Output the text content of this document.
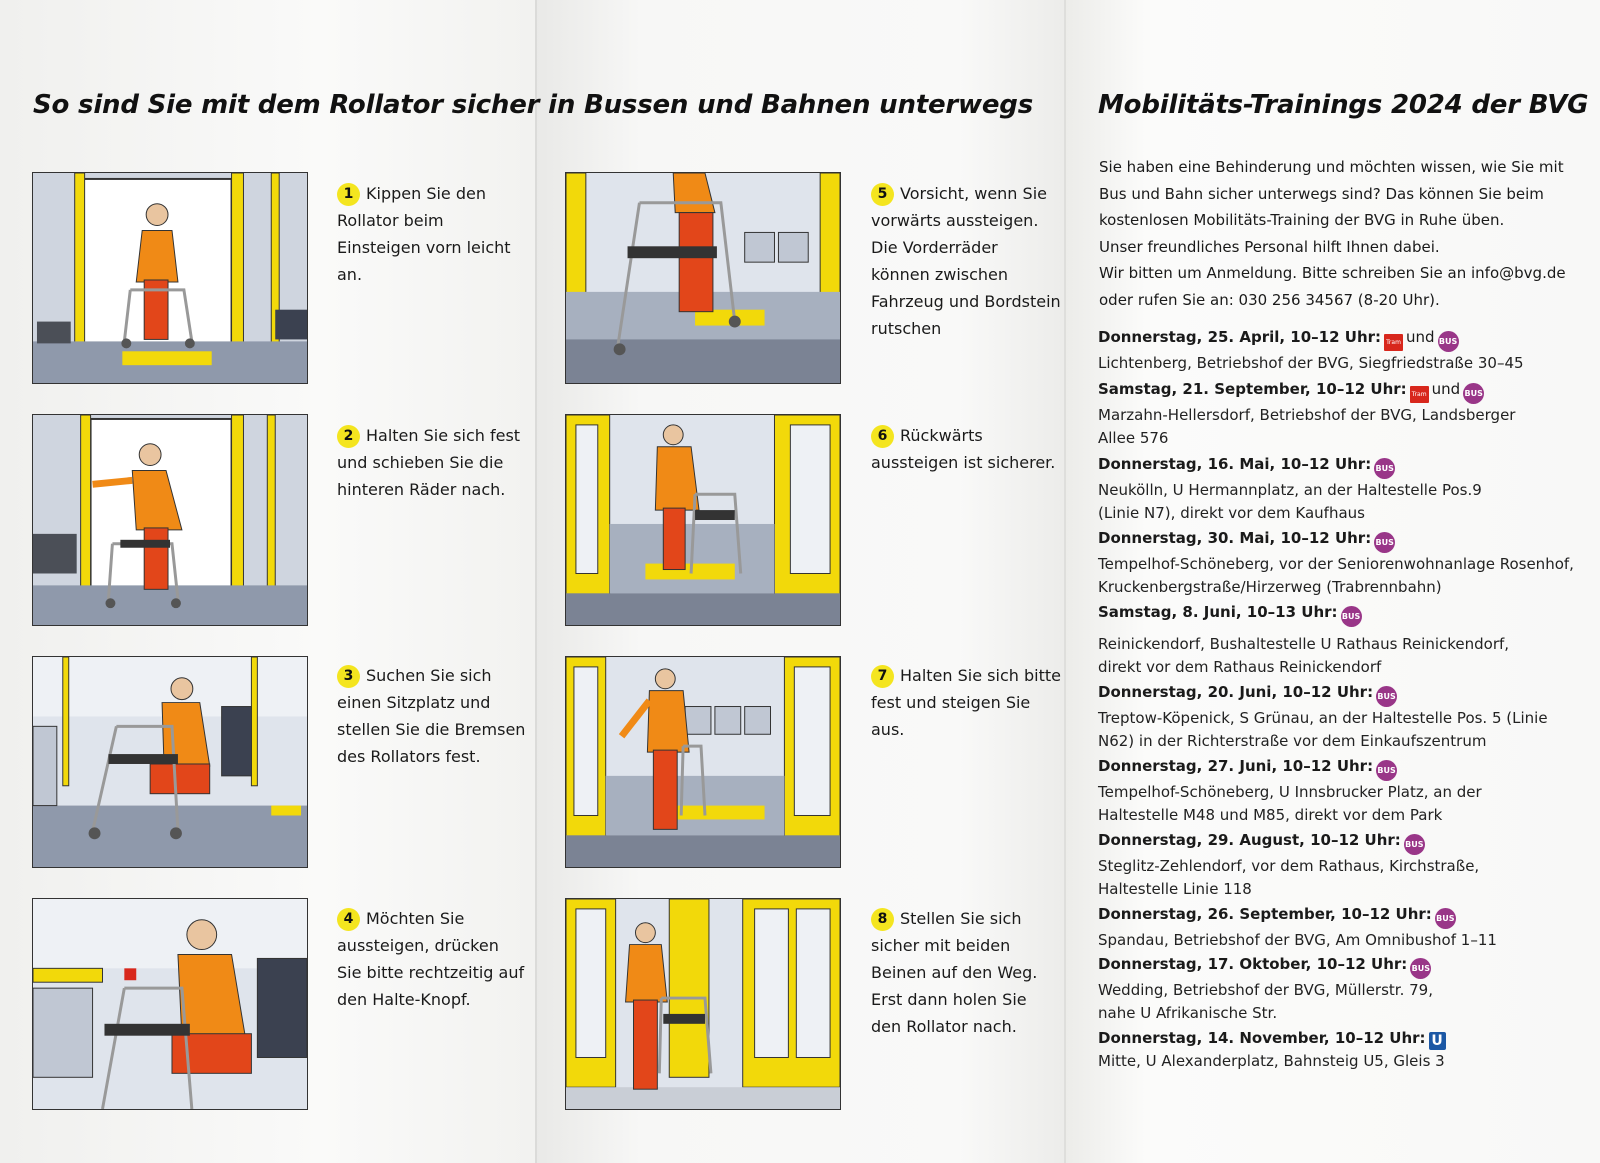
So sind Sie mit dem Rollator sicher in Bussen und Bahnen unterwegs	Mobilitäts-Trainings 2024 der BVG
1 Kippen Sie den Rollator beim Einsteigen vorn leicht an.
2 Halten Sie sich fest und schieben Sie die hinteren Räder nach.
3 Suchen Sie sich einen Sitzplatz und stellen Sie die Bremsen des Rollators fest.
4 Möchten Sie aussteigen, drücken Sie bitte rechtzeitig auf den Halte-Knopf.
5 Vorsicht, wenn Sie vorwärts aussteigen. Die Vorderräder können zwischen Fahrzeug und Bordstein rutschen
6 Rückwärts aussteigen ist sicherer.
7 Halten Sie sich bitte fest und steigen Sie aus.
8 Stellen Sie sich sicher mit beiden Beinen auf den Weg. Erst dann holen Sie den Rollator nach.

Sie haben eine Behinderung und möchten wissen, wie Sie mit

Bus und Bahn sicher unterwegs sind? Das können Sie beim

kostenlosen Mobilitäts-Training der BVG in Ruhe üben.

Unser freundliches Personal hilft Ihnen dabei.

Wir bitten um Anmeldung. Bitte schreiben Sie an info@bvg.de

oder rufen Sie an: 030 256 34567 (8-20 Uhr).

Donnerstag, 25. April, 10–12 Uhr: Tram und BUS
Lichtenberg, Betriebshof der BVG, Siegfriedstraße 30–45
Samstag, 21. September, 10–12 Uhr: Tram und BUS
Marzahn-Hellersdorf, Betriebshof der BVG, Landsberger Allee 576
Donnerstag, 16. Mai, 10–12 Uhr: BUS
Neukölln, U Hermannplatz, an der Haltestelle Pos.9 (Linie N7), direkt vor dem Kaufhaus
Donnerstag, 30. Mai, 10–12 Uhr: BUS
Tempelhof-Schöneberg, vor der Seniorenwohnanlage Rosenhof, Kruckenbergstraße/Hirzerweg (Trabrennbahn)
Samstag, 8. Juni, 10–13 Uhr: BUS
Reinickendorf, Bushaltestelle U Rathaus Reinickendorf, direkt vor dem Rathaus Reinickendorf
Donnerstag, 20. Juni, 10–12 Uhr: BUS
Treptow-Köpenick, S Grünau, an der Haltestelle Pos. 5 (Linie N62) in der Richterstraße vor dem Einkaufszentrum
Donnerstag, 27. Juni, 10–12 Uhr: BUS
Tempelhof-Schöneberg, U Innsbrucker Platz, an der Haltestelle M48 und M85, direkt vor dem Park
Donnerstag, 29. August, 10–12 Uhr: BUS
Steglitz-Zehlendorf, vor dem Rathaus, Kirchstraße, Haltestelle Linie 118
Donnerstag, 26. September, 10–12 Uhr: BUS
Spandau, Betriebshof der BVG, Am Omnibushof 1–11
Donnerstag, 17. Oktober, 10–12 Uhr: BUS
Wedding, Betriebshof der BVG, Müllerstr. 79, nahe U Afrikanische Str.
Donnerstag, 14. November, 10–12 Uhr: U
Mitte, U Alexanderplatz, Bahnsteig U5, Gleis 3
